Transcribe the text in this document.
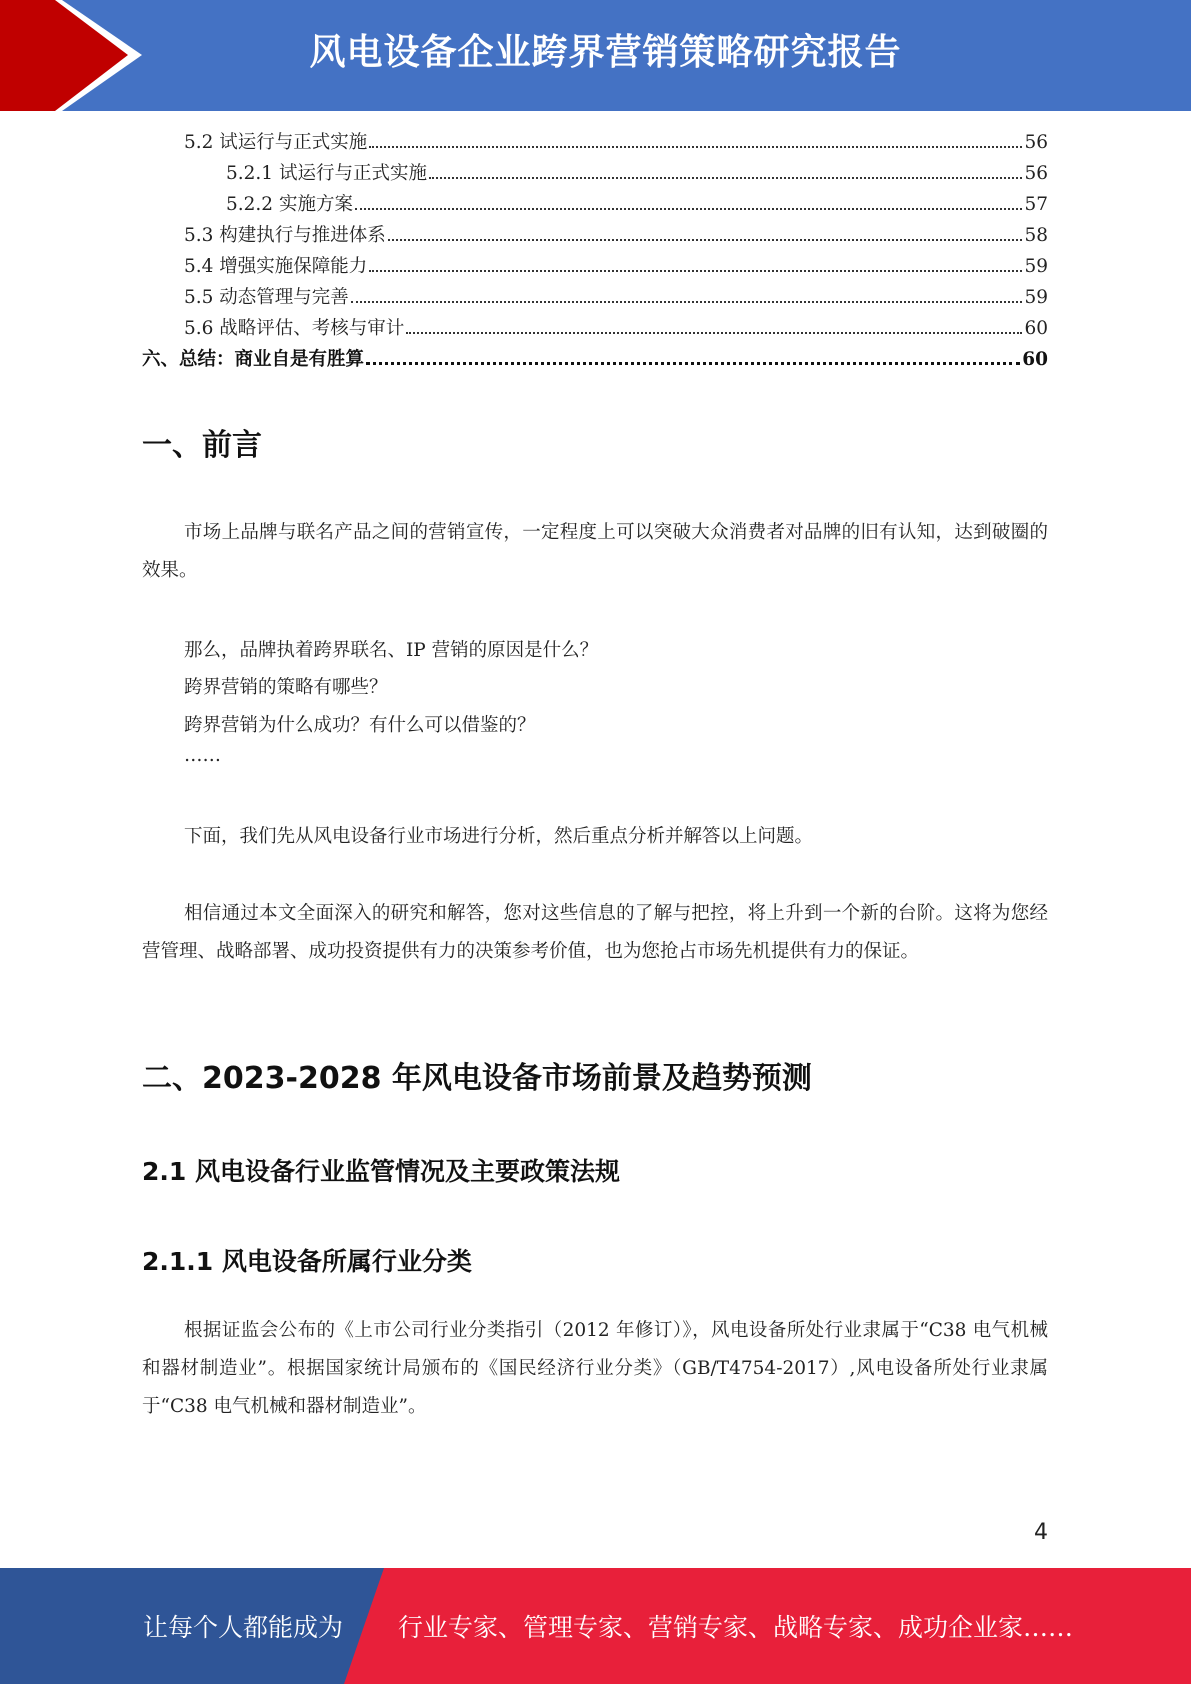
风电设备企业跨界营销策略研究报告
5.2 试运行与正式实施	56
5.2.1 试运行与正式实施	56
5.2.2 实施方案	57
5.3 构建执行与推进体系	58
5.4 增强实施保障能力	59
5.5 动态管理与完善	59
5.6 战略评估、考核与审计	60
六、总结：商业自是有胜算	60
一、前言
市场上品牌与联名产品之间的营销宣传，一定程度上可以突破大众消费者对品牌的旧有认知，达到破圈的效果。
那么，品牌执着跨界联名、IP 营销的原因是什么？
跨界营销的策略有哪些？
跨界营销为什么成功？有什么可以借鉴的？
……
下面，我们先从风电设备行业市场进行分析，然后重点分析并解答以上问题。
相信通过本文全面深入的研究和解答，您对这些信息的了解与把控，将上升到一个新的台阶。这将为您经营管理、战略部署、成功投资提供有力的决策参考价值，也为您抢占市场先机提供有力的保证。
二、2023-2028 年风电设备市场前景及趋势预测
2.1 风电设备行业监管情况及主要政策法规
2.1.1 风电设备所属行业分类
根据证监会公布的《上市公司行业分类指引（2012 年修订）》，风电设备所处行业隶属于“C38 电气机械和器材制造业”。根据国家统计局颁布的《国民经济行业分类》（GB/T4754-2017）,风电设备所处行业隶属于“C38 电气机械和器材制造业”。
4
让每个人都能成为 行业专家、管理专家、营销专家、战略专家、成功企业家……
